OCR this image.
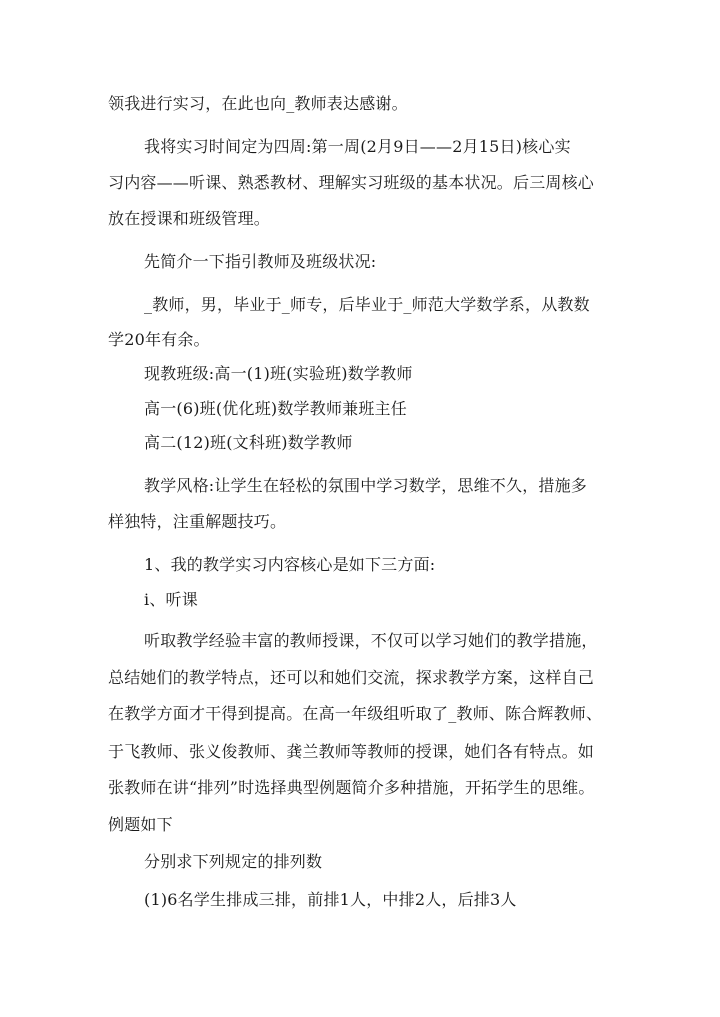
领我进行实习，在此也向_教师表达感谢。
我将实习时间定为四周:第一周(2月9日——2月15日)核心实
习内容——听课、熟悉教材、理解实习班级的基本状况。后三周核心
放在授课和班级管理。
先简介一下指引教师及班级状况:
_教师，男，毕业于_师专，后毕业于_师范大学数学系，从教数
学20年有余。
现教班级:高一(1)班(实验班)数学教师
高一(6)班(优化班)数学教师兼班主任
高二(12)班(文科班)数学教师
教学风格:让学生在轻松的氛围中学习数学，思维不久，措施多
样独特，注重解题技巧。
1、我的教学实习内容核心是如下三方面:
ⅰ、听课
听取教学经验丰富的教师授课，不仅可以学习她们的教学措施，
总结她们的教学特点，还可以和她们交流，探求教学方案，这样自己
在教学方面才干得到提高。在高一年级组听取了_教师、陈合辉教师、
于飞教师、张义俊教师、龚兰教师等教师的授课，她们各有特点。如
张教师在讲“排列”时选择典型例题简介多种措施，开拓学生的思维。
例题如下
分别求下列规定的排列数
(1)6名学生排成三排，前排1人，中排2人，后排3人
